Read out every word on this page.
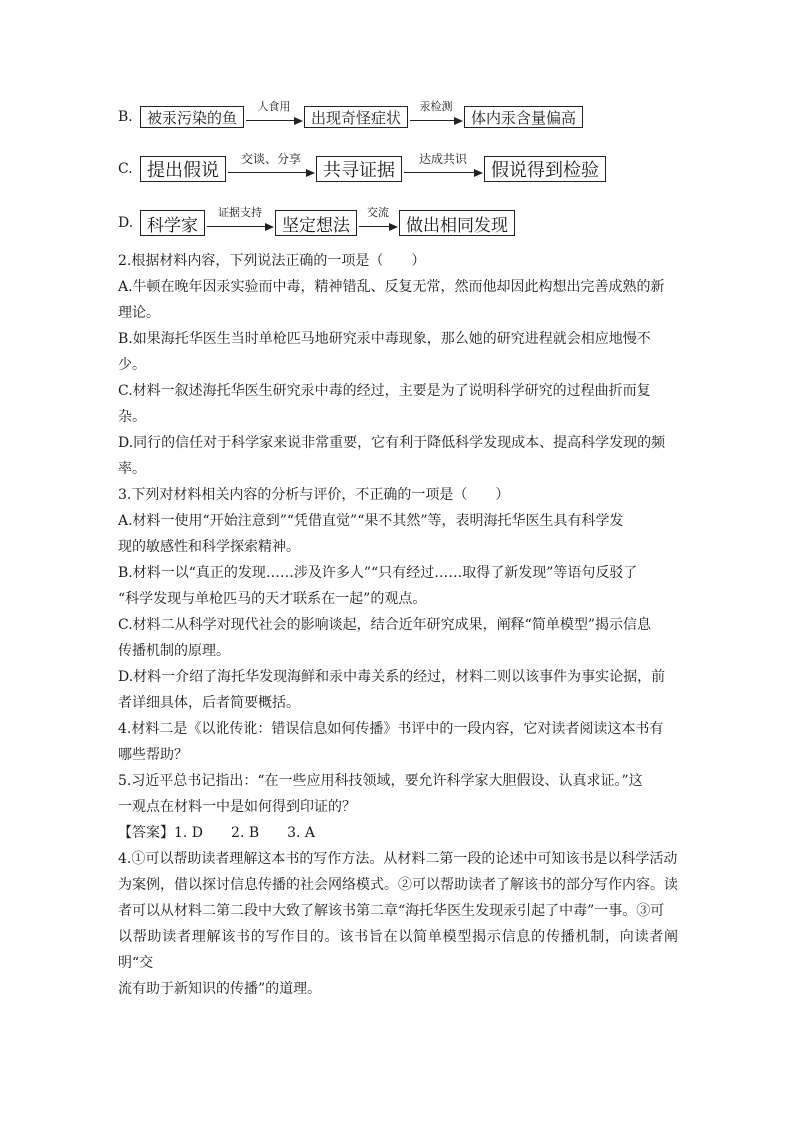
B. 被汞污染的鱼
人食用
出现奇怪症状
汞检测
体内汞含量偏高
C. 提出假说
交谈、分享
共寻证据
达成共识
假说得到检验
D. 科学家
证据支持
坚定想法
交流
做出相同发现

2.根据材料内容，下列说法正确的一项是（　　）

A.牛顿在晚年因汞实验而中毒，精神错乱、反复无常，然而他却因此构想出完善成熟的新

理论。

B.如果海托华医生当时单枪匹马地研究汞中毒现象，那么她的研究进程就会相应地慢不

少。

C.材料一叙述海托华医生研究汞中毒的经过，主要是为了说明科学研究的过程曲折而复

杂。

D.同行的信任对于科学家来说非常重要，它有利于降低科学发现成本、提高科学发现的频

率。

3.下列对材料相关内容的分析与评价，不正确的一项是（　　）

A.材料一使用“开始注意到”“凭借直觉”“果不其然”等，表明海托华医生具有科学发

现的敏感性和科学探索精神。

B.材料一以“真正的发现……涉及许多人”“只有经过……取得了新发现”等语句反驳了

“科学发现与单枪匹马的天才联系在一起”的观点。

C.材料二从科学对现代社会的影响谈起，结合近年研究成果，阐释“简单模型”揭示信息

传播机制的原理。

D.材料一介绍了海托华发现海鲜和汞中毒关系的经过，材料二则以该事件为事实论据，前

者详细具体，后者简要概括。

4.材料二是《以讹传讹：错误信息如何传播》书评中的一段内容，它对读者阅读这本书有

哪些帮助？

5.习近平总书记指出：“在一些应用科技领域，要允许科学家大胆假设、认真求证。”这

一观点在材料一中是如何得到印证的？

【答案】1. D　　2. B　　3. A

4.①可以帮助读者理解这本书的写作方法。从材料二第一段的论述中可知该书是以科学活动

为案例，借以探讨信息传播的社会网络模式。②可以帮助读者了解该书的部分写作内容。读

者可以从材料二第二段中大致了解该书第二章“海托华医生发现汞引起了中毒”一事。③可

以帮助读者理解该书的写作目的。该书旨在以简单模型揭示信息的传播机制，向读者阐明“交

流有助于新知识的传播”的道理。
